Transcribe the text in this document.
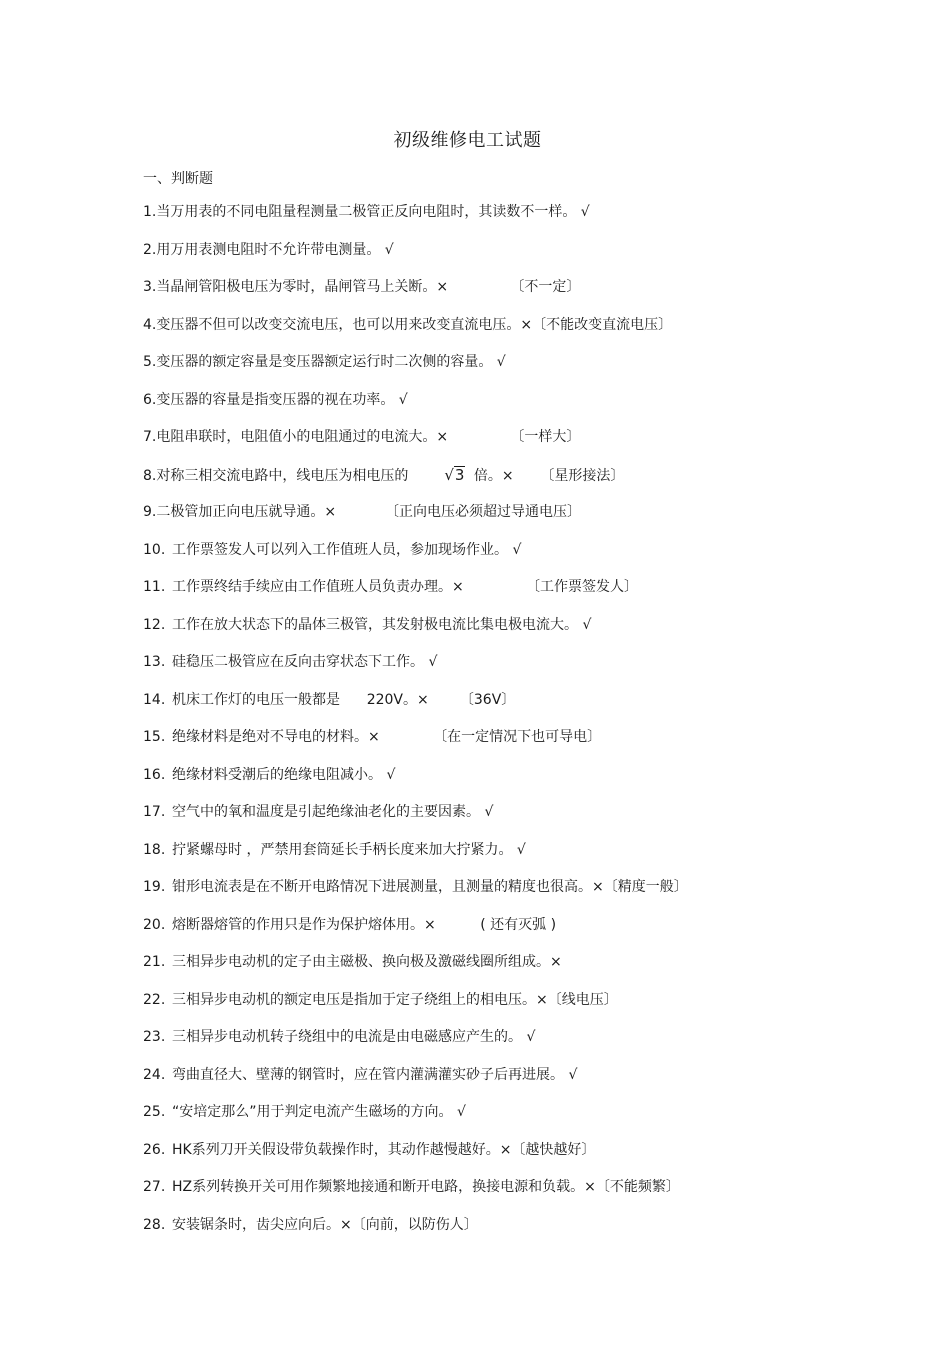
初级维修电工试题
一、判断题
1.当万用表的不同电阻量程测量二极管正反向电阻时，其读数不一样。 √
2.用万用表测电阻时不允许带电测量。 √
3.当晶闸管阳极电压为零时，晶闸管马上关断。×              〔不一定〕
4.变压器不但可以改变交流电压，也可以用来改变直流电压。×〔不能改变直流电压〕
5.变压器的额定容量是变压器额定运行时二次侧的容量。 √
6.变压器的容量是指变压器的视在功率。 √
7.电阻串联时，电阻值小的电阻通过的电流大。×              〔一样大〕
8.对称三相交流电路中，线电压为相电压的 √3 倍。×      〔星形接法〕
9.二极管加正向电压就导通。×           〔正向电压必须超过导通电压〕
10. 工作票签发人可以列入工作值班人员，参加现场作业。 √
11. 工作票终结手续应由工作值班人员负责办理。×              〔工作票签发人〕
12. 工作在放大状态下的晶体三极管，其发射极电流比集电极电流大。 √
13. 硅稳压二极管应在反向击穿状态下工作。 √
14. 机床工作灯的电压一般都是      220V。×       〔36V〕
15. 绝缘材料是绝对不导电的材料。×            〔在一定情况下也可导电〕
16. 绝缘材料受潮后的绝缘电阻减小。 √
17. 空气中的氧和温度是引起绝缘油老化的主要因素。 √
18. 拧紧螺母时 ，严禁用套筒延长手柄长度来加大拧紧力。 √
19. 钳形电流表是在不断开电路情况下进展测量，且测量的精度也很高。×〔精度一般〕
20. 熔断器熔管的作用只是作为保护熔体用。×          ( 还有灭弧 )
21. 三相异步电动机的定子由主磁极、换向极及激磁线圈所组成。×
22. 三相异步电动机的额定电压是指加于定子绕组上的相电压。×〔线电压〕
23. 三相异步电动机转子绕组中的电流是由电磁感应产生的。 √
24. 弯曲直径大、壁薄的钢管时，应在管内灌满灌实砂子后再进展。 √
25. “安培定那么”用于判定电流产生磁场的方向。 √
26. HK系列刀开关假设带负载操作时，其动作越慢越好。×〔越快越好〕
27. HZ系列转换开关可用作频繁地接通和断开电路，换接电源和负载。×〔不能频繁〕
28. 安装锯条时，齿尖应向后。×〔向前，以防伤人〕
